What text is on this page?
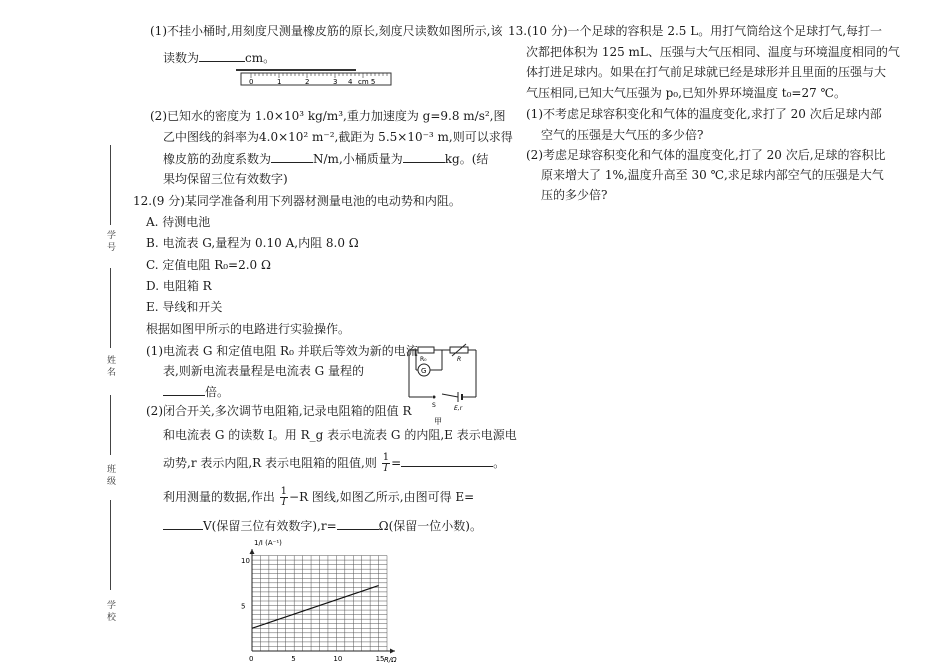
学 号
姓 名
班 级
学 校
(1)不挂小桶时,用刻度尺测量橡皮筋的原长,刻度尺读数如图所示,该
读数为	cm。
0	1	2	3 4 cm 5
(2)已知水的密度为 1.0×10³ kg/m³,重力加速度为 g=9.8 m/s²,图
乙中图线的斜率为4.0×10² m⁻²,截距为 5.5×10⁻³ m,则可以求得
橡皮筋的劲度系数为	N/m,小桶质量为	kg。(结
果均保留三位有效数字)
12.(9 分)某同学准备利用下列器材测量电池的电动势和内阻。
A. 待测电池
B. 电流表 G,量程为 0.10 A,内阻 8.0 Ω
C. 定值电阻 R₀=2.0 Ω
D. 电阻箱 R
E. 导线和开关
根据如图甲所示的电路进行实验操作。
(1)电流表 G 和定值电阻 R₀ 并联后等效为新的电流
表,则新电流表量程是电流表 G 量程的
倍。
G
R₀	R
S	E,r
甲
(2)闭合开关,多次调节电阻箱,记录电阻箱的阻值 R
和电流表 G 的读数 I。用 R_g 表示电流表 G 的内阻,E 表示电源电
动势,r 表示内阻,R 表示电阻箱的阻值,则 $\frac{1}{I}$ =	。
利用测量的数据,作出 $\frac{1}{I} -R$ 图线,如图乙所示,由图可得 E=
V(保留三位有效数字),r=	Ω(保留一位小数)。
0	5	10	15
5
10
1/I (A⁻¹)
R/Ω
13.(10 分)一个足球的容积是 2.5 L。用打气筒给这个足球打气,每打一
次都把体积为 125 mL、压强与大气压相同、温度与环境温度相同的气
体打进足球内。如果在打气前足球就已经是球形并且里面的压强与大
气压相同,已知大气压强为 p₀,已知外界环境温度 t₀=27 ℃。
(1)不考虑足球容积变化和气体的温度变化,求打了 20 次后足球内部
空气的压强是大气压的多少倍?
(2)考虑足球容积变化和气体的温度变化,打了 20 次后,足球的容积比
原来增大了 1%,温度升高至 30 ℃,求足球内部空气的压强是大气
压的多少倍?
